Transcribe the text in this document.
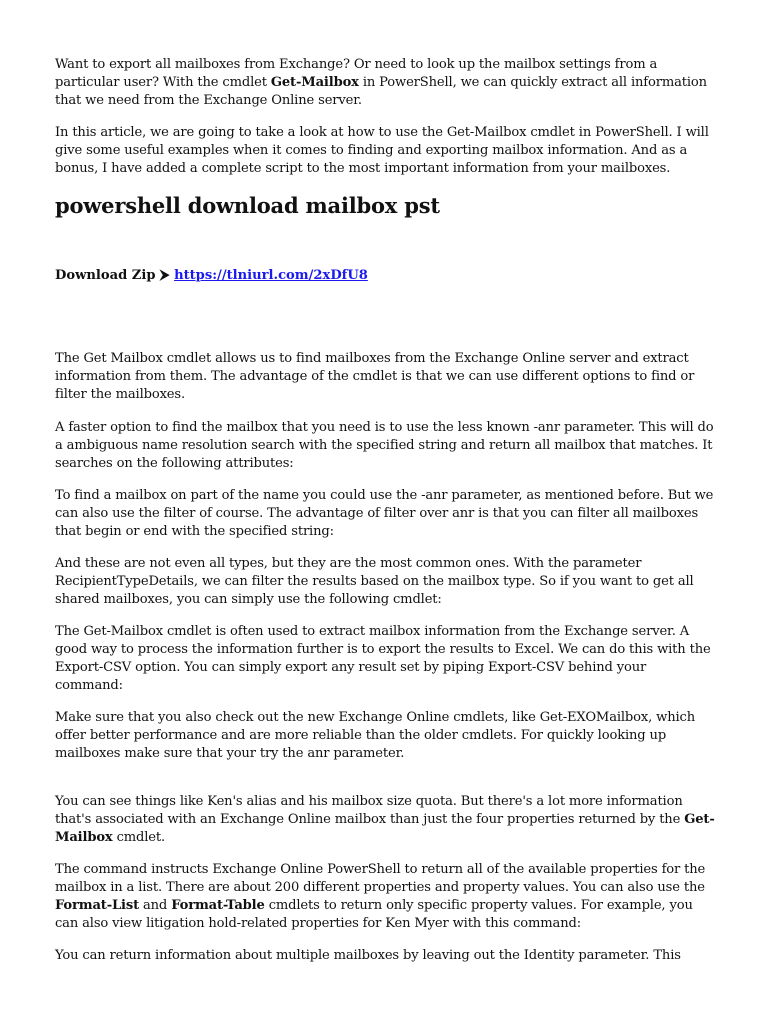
Want to export all mailboxes from Exchange? Or need to look up the mailbox settings from a particular user? With the cmdlet Get-Mailbox in PowerShell, we can quickly extract all information that we need from the Exchange Online server.

In this article, we are going to take a look at how to use the Get-Mailbox cmdlet in PowerShell. I will give some useful examples when it comes to finding and exporting mailbox information. And as a bonus, I have added a complete script to the most important information from your mailboxes.

powershell download mailbox pst
Download Zip ⮞ https://tlniurl.com/2xDfU8

The Get Mailbox cmdlet allows us to find mailboxes from the Exchange Online server and extract information from them. The advantage of the cmdlet is that we can use different options to find or filter the mailboxes.

A faster option to find the mailbox that you need is to use the less known -anr parameter. This will do a ambiguous name resolution search with the specified string and return all mailbox that matches. It searches on the following attributes:

To find a mailbox on part of the name you could use the -anr parameter, as mentioned before. But we can also use the filter of course. The advantage of filter over anr is that you can filter all mailboxes that begin or end with the specified string:

And these are not even all types, but they are the most common ones. With the parameter RecipientTypeDetails, we can filter the results based on the mailbox type. So if you want to get all shared mailboxes, you can simply use the following cmdlet:

The Get-Mailbox cmdlet is often used to extract mailbox information from the Exchange server. A good way to process the information further is to export the results to Excel. We can do this with the Export-CSV option. You can simply export any result set by piping Export-CSV behind your command:

Make sure that you also check out the new Exchange Online cmdlets, like Get-EXOMailbox, which offer better performance and are more reliable than the older cmdlets. For quickly looking up mailboxes make sure that your try the anr parameter.

You can see things like Ken's alias and his mailbox size quota. But there's a lot more information that's associated with an Exchange Online mailbox than just the four properties returned by the Get-Mailbox cmdlet.

The command instructs Exchange Online PowerShell to return all of the available properties for the mailbox in a list. There are about 200 different properties and property values. You can also use the Format-List and Format-Table cmdlets to return only specific property values. For example, you can also view litigation hold-related properties for Ken Myer with this command:

You can return information about multiple mailboxes by leaving out the Identity parameter. This
